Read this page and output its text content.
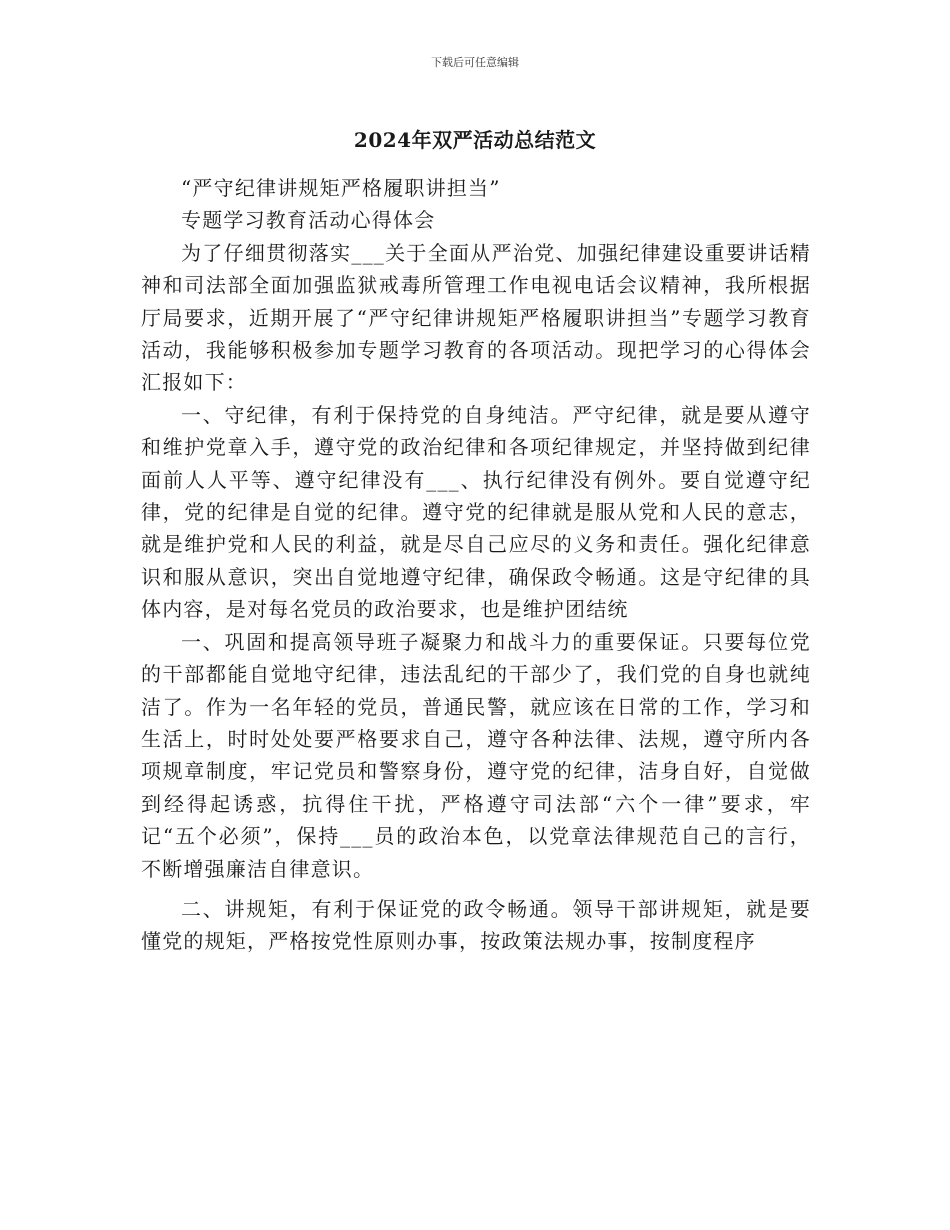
下载后可任意编辑
2024年双严活动总结范文

“严守纪律讲规矩严格履职讲担当”

专题学习教育活动心得体会

为了仔细贯彻落实___关于全面从严治党、加强纪律建设重要讲话精神和司法部全面加强监狱戒毒所管理工作电视电话会议精神，我所根据厅局要求，近期开展了“严守纪律讲规矩严格履职讲担当”专题学习教育活动，我能够积极参加专题学习教育的各项活动。现把学习的心得体会汇报如下：

一、守纪律，有利于保持党的自身纯洁。严守纪律，就是要从遵守和维护党章入手，遵守党的政治纪律和各项纪律规定，并坚持做到纪律面前人人平等、遵守纪律没有___、执行纪律没有例外。要自觉遵守纪律，党的纪律是自觉的纪律。遵守党的纪律就是服从党和人民的意志，就是维护党和人民的利益，就是尽自己应尽的义务和责任。强化纪律意识和服从意识，突出自觉地遵守纪律，确保政令畅通。这是守纪律的具体内容，是对每名党员的政治要求，也是维护团结统

一、巩固和提高领导班子凝聚力和战斗力的重要保证。只要每位党的干部都能自觉地守纪律，违法乱纪的干部少了，我们党的自身也就纯洁了。作为一名年轻的党员，普通民警，就应该在日常的工作，学习和生活上，时时处处要严格要求自己，遵守各种法律、法规，遵守所内各项规章制度，牢记党员和警察身份，遵守党的纪律，洁身自好，自觉做到经得起诱惑，抗得住干扰，严格遵守司法部“六个一律”要求，牢记“五个必须”，保持___员的政治本色，以党章法律规范自己的言行，不断增强廉洁自律意识。

二、讲规矩，有利于保证党的政令畅通。领导干部讲规矩，就是要懂党的规矩，严格按党性原则办事，按政策法规办事，按制度程序
